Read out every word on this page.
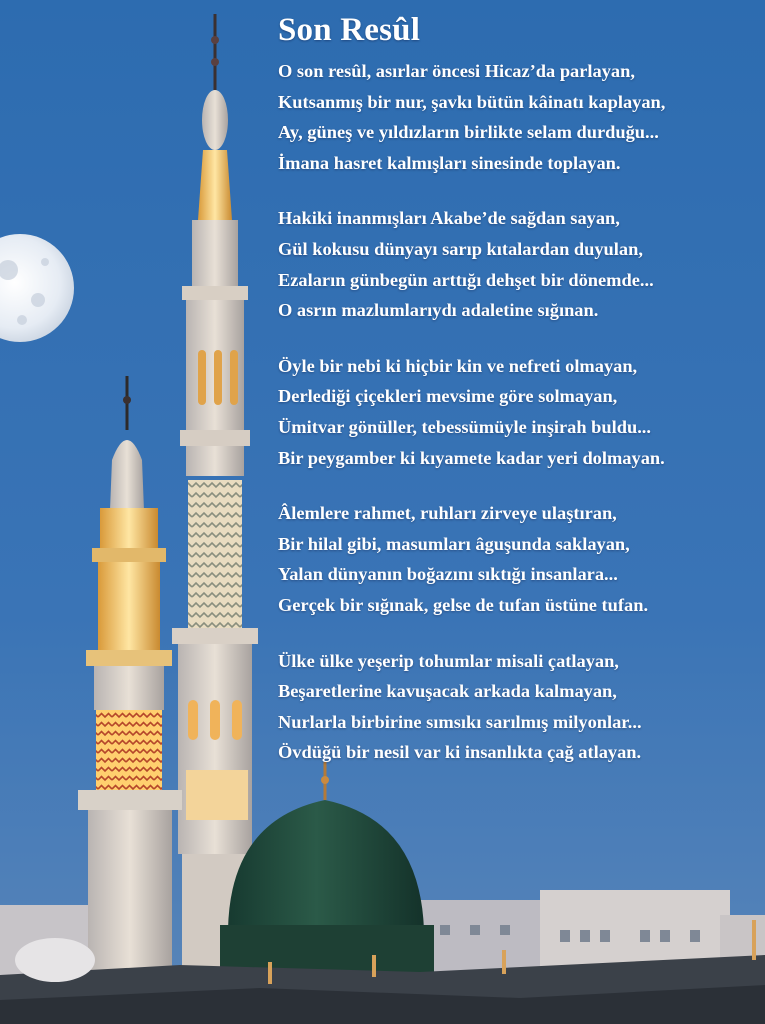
Son Resûl
O son resûl, asırlar öncesi Hicaz’da parlayan,
Kutsanmış bir nur, şavkı bütün kâinatı kaplayan,
Ay, güneş ve yıldızların birlikte selam durduğu...
İmana hasret kalmışları sinesinde toplayan.
Hakiki inanmışları Akabe’de sağdan sayan,
Gül kokusu dünyayı sarıp kıtalardan duyulan,
Ezaların günbegün arttığı dehşet bir dönemde...
O asrın mazlumlarıydı adaletine sığınan.
Öyle bir nebi ki hiçbir kin ve nefreti olmayan,
Derlediği çiçekleri mevsime göre solmayan,
Ümitvar gönüller, tebessümüyle inşirah buldu...
Bir peygamber ki kıyamete kadar yeri dolmayan.
Âlemlere rahmet, ruhları zirveye ulaştıran,
Bir hilal gibi, masumları âguşunda saklayan,
Yalan dünyanın boğazını sıktığı insanlara...
Gerçek bir sığınak, gelse de tufan üstüne tufan.
Ülke ülke yeşerip tohumlar misali çatlayan,
Beşaretlerine kavuşacak arkada kalmayan,
Nurlarla birbirine sımsıkı sarılmış milyonlar...
Övdüğü bir nesil var ki insanlıkta çağ atlayan.
